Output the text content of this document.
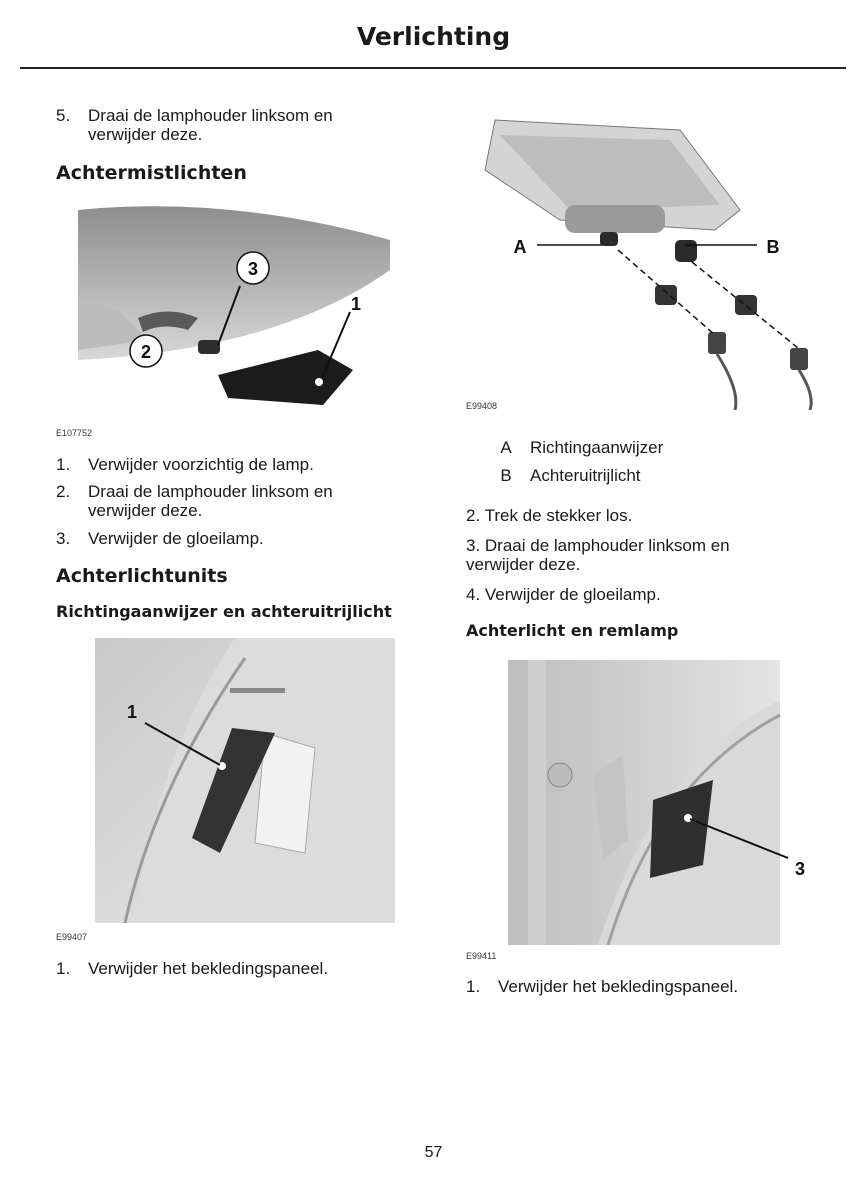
Verlichting
5.	Draai de lamphouder linksom en verwijder deze.
Achtermistlichten
3
1
2
E107752
1.	Verwijder voorzichtig de lamp.
2.	Draai de lamphouder linksom en verwijder deze.
3.	Verwijder de gloeilamp.
Achterlichtunits
Richtingaanwijzer en achteruitrijlicht
1
E99407
1.	Verwijder het bekledingspaneel.
A	B
E99408
A	Richtingaanwijzer
B	Achteruitrijlicht
2. Trek de stekker los.
3. Draai de lamphouder linksom en verwijder deze.
4. Verwijder de gloeilamp.
Achterlicht en remlamp
3
E99411
1.	Verwijder het bekledingspaneel.
57
